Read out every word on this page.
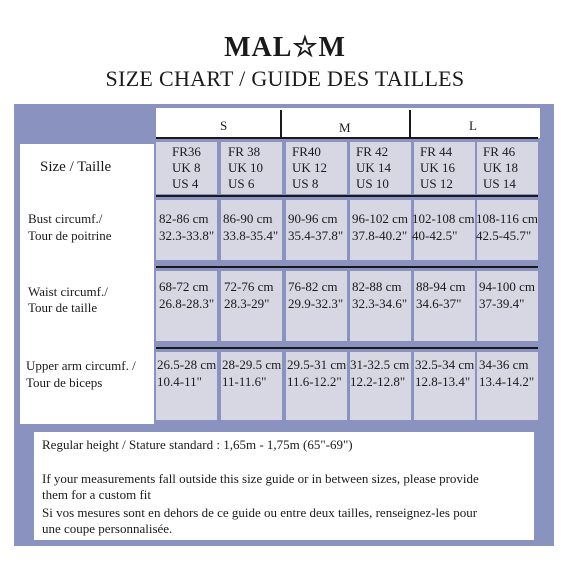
MAL☆M
SIZE CHART / GUIDE DES TAILLES
S	M	L
Size / Taille
FR36
UK 8
US 4
FR 38
UK 10
US 6
FR40
UK 12
US 8
FR 42
UK 14
US 10
FR 44
UK 16
US 12
FR 46
UK 18
US 14
Bust circumf./
Tour de poitrine
82-86 cm
32.3-33.8"
86-90 cm
33.8-35.4"
90-96 cm
35.4-37.8"
96-102 cm
37.8-40.2"
102-108 cm
40-42.5"
108-116 cm
42.5-45.7"
Waist circumf./
Tour de taille
68-72 cm
26.8-28.3"
72-76 cm
28.3-29"
76-82 cm
29.9-32.3"
82-88 cm
32.3-34.6"
88-94 cm
34.6-37"
94-100 cm
37-39.4"
Upper arm circumf. /
Tour de biceps
26.5-28 cm
10.4-11"
28-29.5 cm
11-11.6"
29.5-31 cm
11.6-12.2"
31-32.5 cm
12.2-12.8"
32.5-34 cm
12.8-13.4"
34-36 cm
13.4-14.2"
Regular height / Stature standard : 1,65m - 1,75m (65"-69")
If your measurements fall outside this size guide or in between sizes, please provide
them for a custom fit
Si vos mesures sont en dehors de ce guide ou entre deux tailles, renseignez-les pour
une coupe personnalisée.
